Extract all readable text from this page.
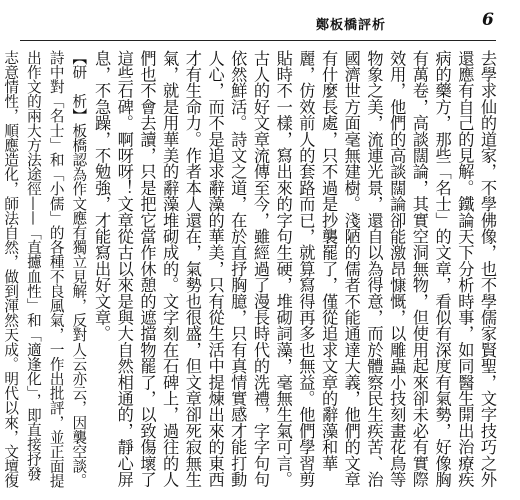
鄭板橋評析	6

去學求仙的道家，不學佛像，也不學儒家賢聖，文字技巧之外還應有自己的見解。鐵論天下分析時事，如同醫生開出治療疾病的藥方，那些「名士」的文章，看似有深度有氣勢，好像胸有萬卷，高談闊論，其實空洞無物，但使用起來卻未必有實際效用，他們的高談闊論卻能激昂慷慨，以雕蟲小技刻畫花鳥等物象之美，流連光景，還自以為得意，而於體察民生疾苦、治國濟世方面毫無建樹。淺陋的儒者不能通達大義，他們的文章有什麼長處，只不過是抄襲罷了，僅從追求文章的辭藻和華麗，仿效前人的套路而已，就算寫得再多也無益。他們學習剪貼時不一樣，寫出來的字句生硬，堆砌詞藻，毫無生氣可言。古人的好文章流傳至今，雖經過了漫長時代的洗禮，字字句句依然鮮活。詩文之道，在於直抒胸臆，只有真情實感才能打動人心，而不是追求辭藻的華美，只有從生活中提煉出來的東西才有生命力。作者本人還在，氣勢也很盛，但文章卻死寂無生氣，就是用華美的辭藻堆砌成的。文字刻在石碑上，過往的人們也不會去讀，只是把它當作休憩的遮擋物罷了，以致傷壞了這些石碑。啊呀呀！文章從古以來是與大自然相通的，靜心屏息，不急躁，不勉強，才能寫出好文章。

【研　析】板橋認為作文應有獨立見解，反對人云亦云，因襲空談。詩中對「名士」和「小儒」的各種不良風氣，一作出批評，並正面提出作文的兩大方法途徑——「直攄血性」和「適逢化」，即直接抒發志意情性，順應造化，師法自然，做到渾然天成。明代以來，文壇復
